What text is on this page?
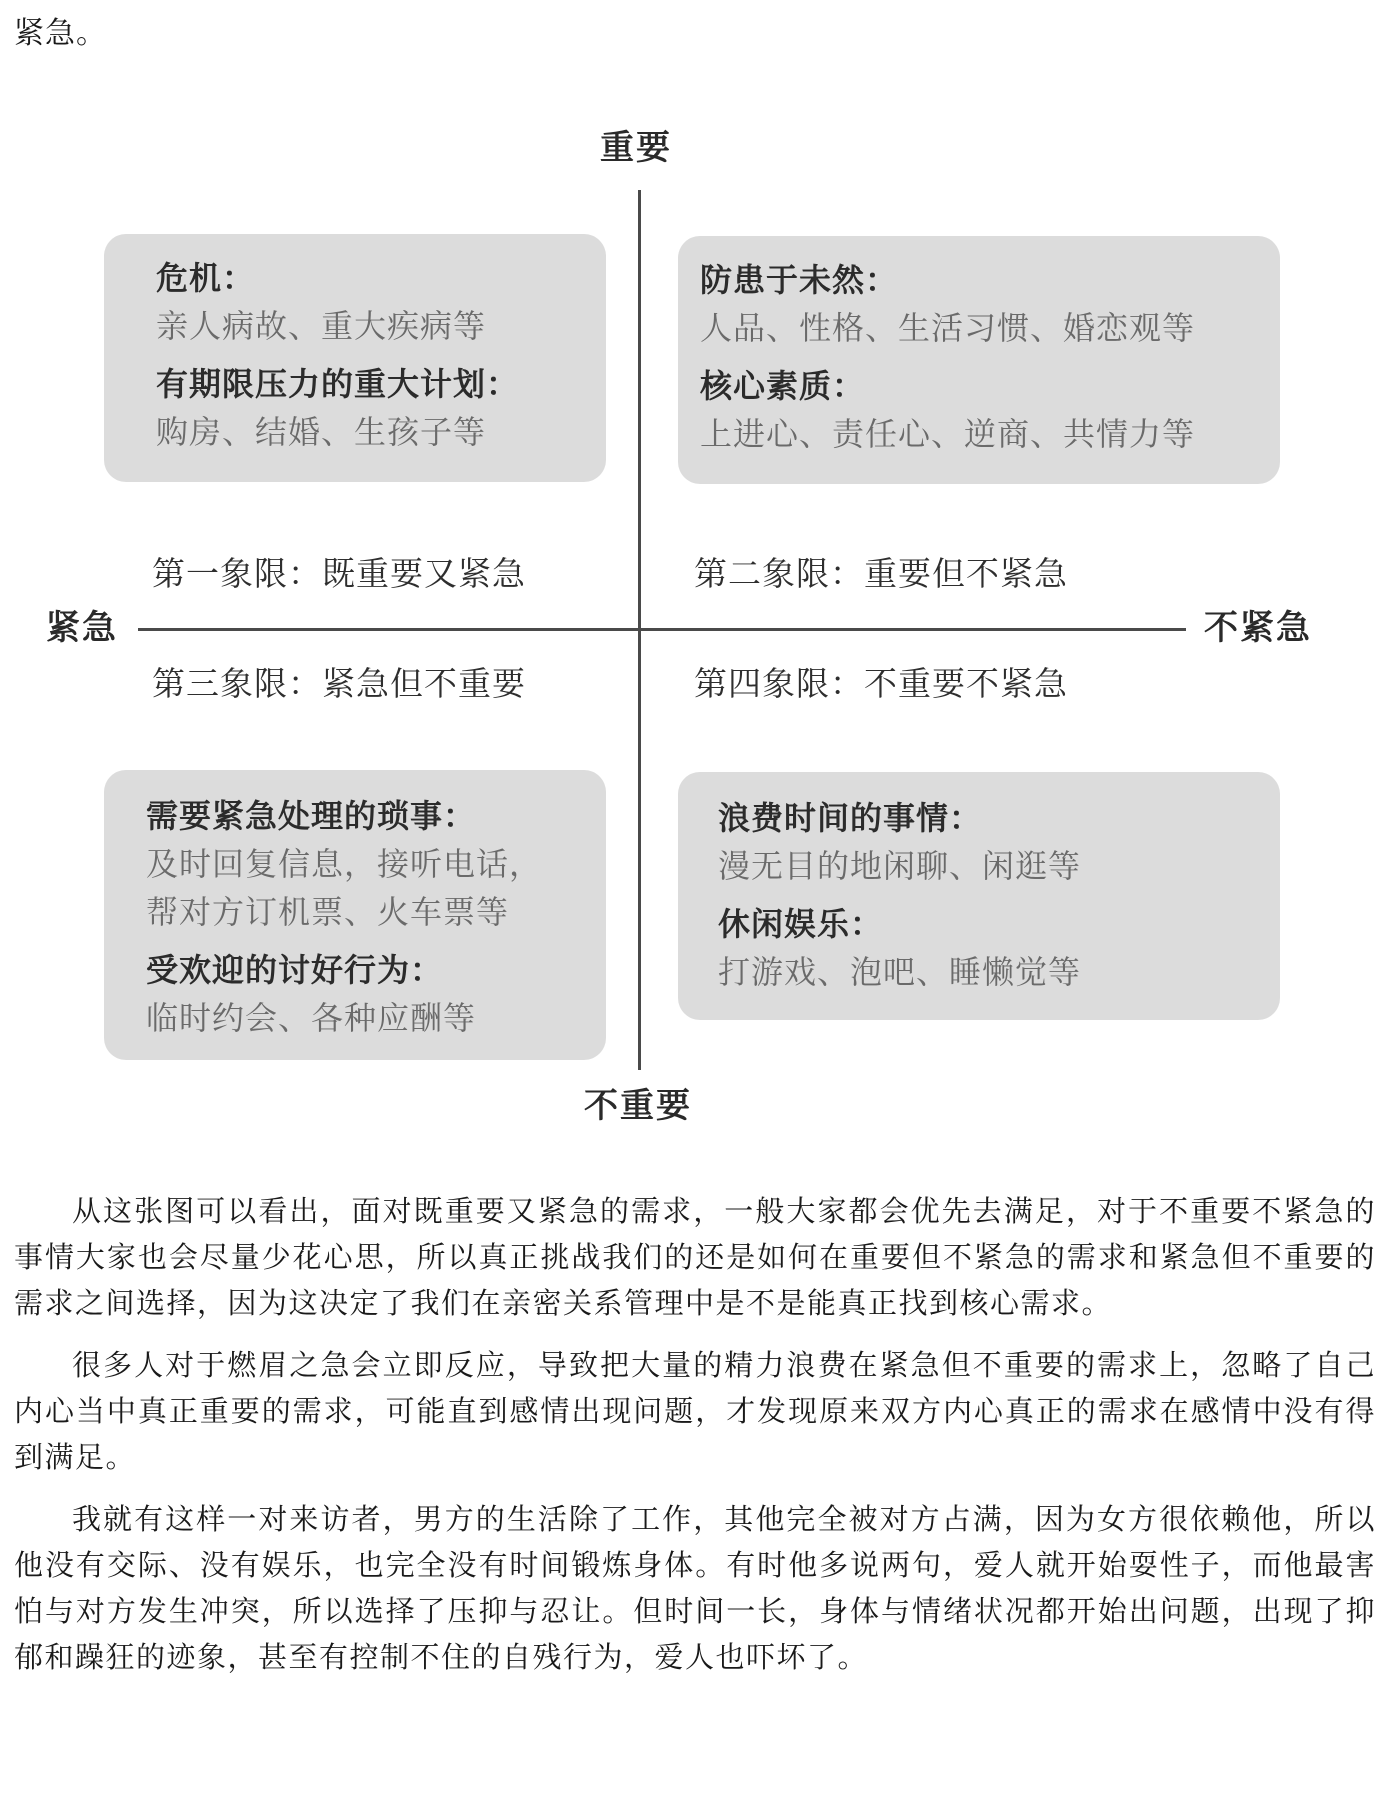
紧急。
重要
不重要
紧急	不紧急
危机：
亲人病故、重大疾病等
有期限压力的重大计划：
购房、结婚、生孩子等
防患于未然：
人品、性格、生活习惯、婚恋观等
核心素质：
上进心、责任心、逆商、共情力等
需要紧急处理的琐事：
及时回复信息，接听电话，
帮对方订机票、火车票等
受欢迎的讨好行为：
临时约会、各种应酬等
浪费时间的事情：
漫无目的地闲聊、闲逛等
休闲娱乐：
打游戏、泡吧、睡懒觉等
第一象限：既重要又紧急	第二象限：重要但不紧急
第三象限：紧急但不重要	第四象限：不重要不紧急

从这张图可以看出，面对既重要又紧急的需求，一般大家都会优先去满足，对于不重要不紧急的事情大家也会尽量少花心思，所以真正挑战我们的还是如何在重要但不紧急的需求和紧急但不重要的需求之间选择，因为这决定了我们在亲密关系管理中是不是能真正找到核心需求。

很多人对于燃眉之急会立即反应，导致把大量的精力浪费在紧急但不重要的需求上，忽略了自己内心当中真正重要的需求，可能直到感情出现问题，才发现原来双方内心真正的需求在感情中没有得到满足。

我就有这样一对来访者，男方的生活除了工作，其他完全被对方占满，因为女方很依赖他，所以他没有交际、没有娱乐，也完全没有时间锻炼身体。有时他多说两句，爱人就开始耍性子，而他最害怕与对方发生冲突，所以选择了压抑与忍让。但时间一长，身体与情绪状况都开始出问题，出现了抑郁和躁狂的迹象，甚至有控制不住的自残行为，爱人也吓坏了。
